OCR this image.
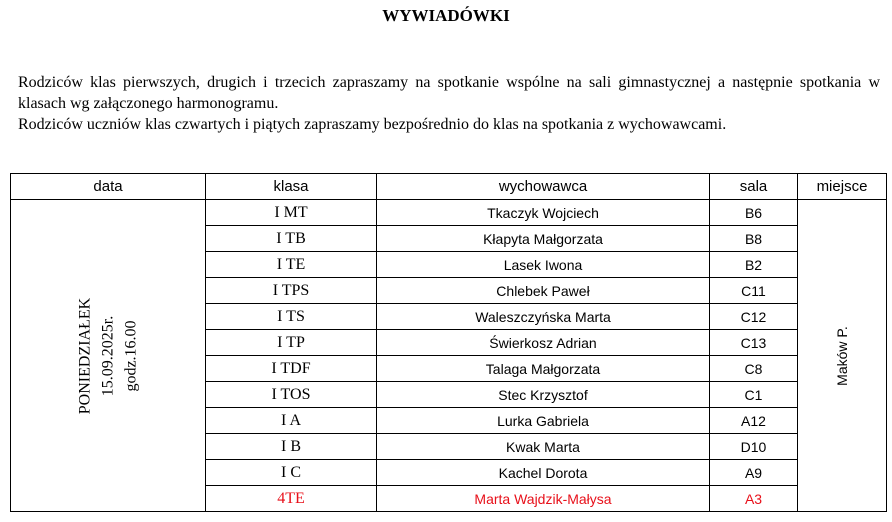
WYWIADÓWKI

Rodziców klas pierwszych, drugich i trzecich zapraszamy na spotkanie wspólne na sali gimnastycznej a następnie spotkania w klasach wg załączonego harmonogramu.

Rodziców uczniów klas czwartych i piątych zapraszamy bezpośrednio do klas na spotkania z wychowawcami.

data	klasa	wychowawca	sala	miejsce

PONIEDZIAŁEK 15.09.2025r. godz.16.00	I MT	Tkaczyk Wojciech	B6	Maków P.

	I TB	Kłapyta Małgorzata	B8	
	I TE	Lasek Iwona	B2	
	I TPS	Chlebek Paweł	C11	
	I TS	Waleszczyńska Marta	C12	
	I TP	Świerkosz Adrian	C13	
	I TDF	Talaga Małgorzata	C8	
	I TOS	Stec Krzysztof	C1	
	I A	Lurka Gabriela	A12	
	I B	Kwak Marta	D10	
	I C	Kachel Dorota	A9	
	4TE	Marta Wajdzik-Małysa	A3	
